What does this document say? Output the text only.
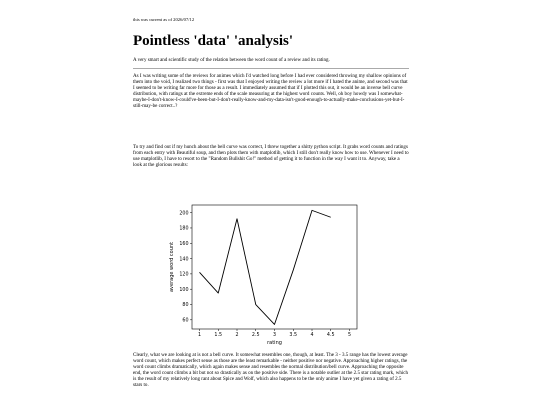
this was current as of 2026/07/12
Pointless 'data' 'analysis'
A very smart and scientific study of the relation between the word count of a review and its rating.

As I was writing some of the reviews for animes which I'd watched long before I had ever considered throwing my shallow opinions of them into the void, I realized two things - first was that I enjoyed writing the review a lot more if I hated the anime, and second was that I seemed to be writing far more for those as a result. I immediately assumed that if I plotted this out, it would be an inverse bell curve distribution, with ratings at the extreme ends of the scale measuring at the highest word counts. Well, oh boy howdy was I somewhat-maybe-I-don't-know-I-could've-been-but-I-don't-really-know-and-my-data-isn't-good-enough-to-actually-make-conclusions-yet-but-I-still-may-be correct..?

To try and find out if my hunch about the bell curve was correct, I threw together a shitty python script. It grabs word counts and ratings from each entry with Beautiful soup, and then plots them with matplotlib, which I still don't really know how to use. Whenever I need to use matplotlib, I have to resort to the "Random Bullshit Go!" method of getting it to function in the way I want it to. Anyway, take a look at the glorious results:

Clearly, what we are looking at is not a bell curve. It somewhat resembles one, though, at least. The 3 - 3.5 range has the lowest average word count, which makes perfect sense as those are the least remarkable - neither positive nor negative. Approaching higher ratings, the word count climbs dramatically, which again makes sense and resembles the normal distribution/bell curve. Approaching the opposite end, the word count climbs a bit but not so drastically as on the positive side. There is a notable outlier at the 2.5 star rating mark, which is the result of my relatively long rant about Spice and Wolf, which also happens to be the only anime I have yet given a rating of 2.5 stars to.

1	1.5	2	2.5	3	3.5	4	4.5	5
60
80
100
120
140
160
180
200
rating
average word count
